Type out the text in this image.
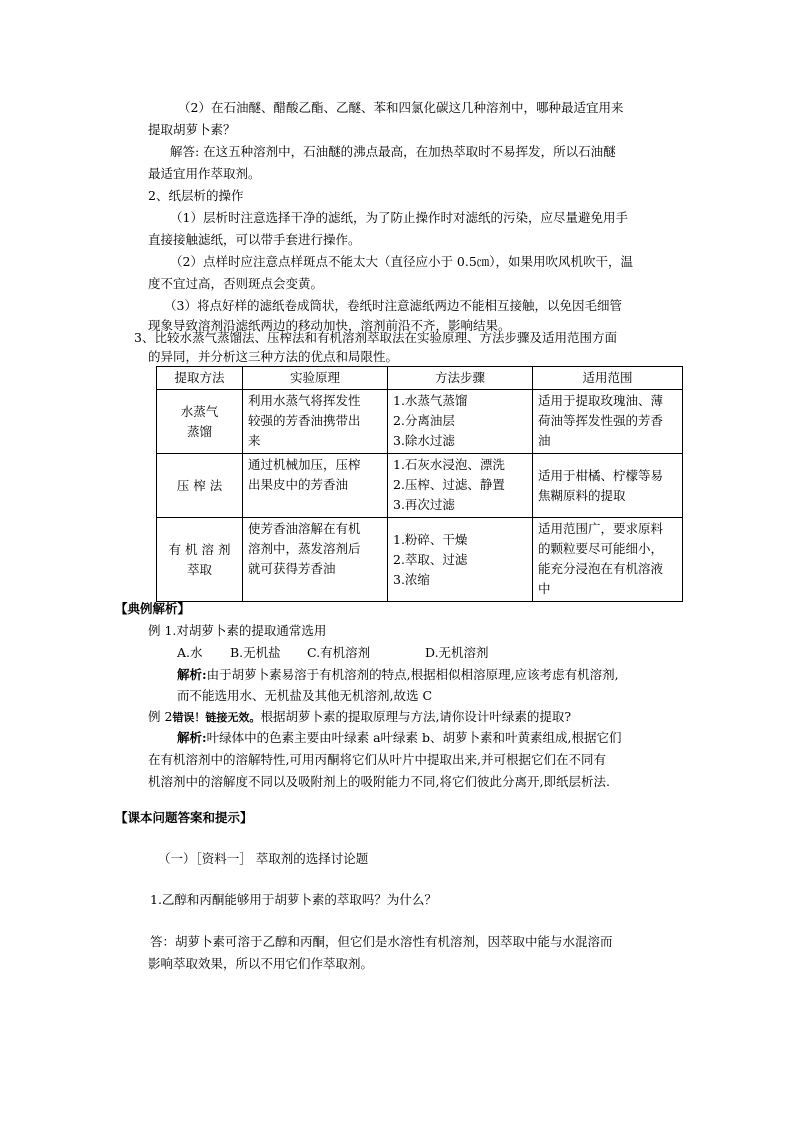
（2）在石油醚、醋酸乙酯、乙醚、苯和四氯化碳这几种溶剂中，哪种最适宜用来
提取胡萝卜素？
解答: 在这五种溶剂中，石油醚的沸点最高，在加热萃取时不易挥发，所以石油醚
最适宜用作萃取剂。
2、纸层析的操作
（1）层析时注意选择干净的滤纸，为了防止操作时对滤纸的污染，应尽量避免用手
直接接触滤纸，可以带手套进行操作。
（2）点样时应注意点样斑点不能太大（直径应小于 0.5㎝），如果用吹风机吹干，温
度不宜过高，否则斑点会变黄。
（3）将点好样的滤纸卷成筒状，卷纸时注意滤纸两边不能相互接触，以免因毛细管
现象导致溶剂沿滤纸两边的移动加快，溶剂前沿不齐，影响结果。
3、比较水蒸气蒸馏法、压榨法和有机溶剂萃取法在实验原理、方法步骤及适用范围方面
的异同，并分析这三种方法的优点和局限性。
提取方法	实验原理	方法步骤	适用范围

水蒸气
蒸馏	利用水蒸气将挥发性
较强的芳香油携带出
来	1.水蒸气蒸馏
2.分离油层
3.除水过滤	适用于提取玫瑰油、薄
荷油等挥发性强的芳香
油

压 榨 法	通过机械加压，压榨
出果皮中的芳香油	1.石灰水浸泡、漂洗
2.压榨、过滤、静置
3.再次过滤	适用于柑橘、柠檬等易
焦糊原料的提取

有 机 溶 剂
萃取	使芳香油溶解在有机
溶剂中，蒸发溶剂后
就可获得芳香油	1.粉碎、干燥
2.萃取、过滤
3.浓缩	适用范围广，要求原料
的颗粒要尽可能细小，
能充分浸泡在有机溶液
中
【典例解析】
例 1.对胡萝卜素的提取通常选用
A.水 B.无机盐 C.有机溶剂	D.无机溶剂
解析:由于胡萝卜素易溶于有机溶剂的特点,根据相似相溶原理,应该考虑有机溶剂,
而不能选用水、无机盐及其他无机溶剂,故选 C
例 2错误！链接无效。根据胡萝卜素的提取原理与方法,请你设计叶绿素的提取?
解析:叶绿体中的色素主要由叶绿素 a叶绿素 b、胡萝卜素和叶黄素组成,根据它们
在有机溶剂中的溶解特性,可用丙酮将它们从叶片中提取出来,并可根据它们在不同有
机溶剂中的溶解度不同以及吸附剂上的吸附能力不同,将它们彼此分离开,即纸层析法.
【课本问题答案和提示】
（一）［资料一］ 萃取剂的选择讨论题
1.乙醇和丙酮能够用于胡萝卜素的萃取吗？为什么？
答：胡萝卜素可溶于乙醇和丙酮，但它们是水溶性有机溶剂，因萃取中能与水混溶而
影响萃取效果，所以不用它们作萃取剂。
